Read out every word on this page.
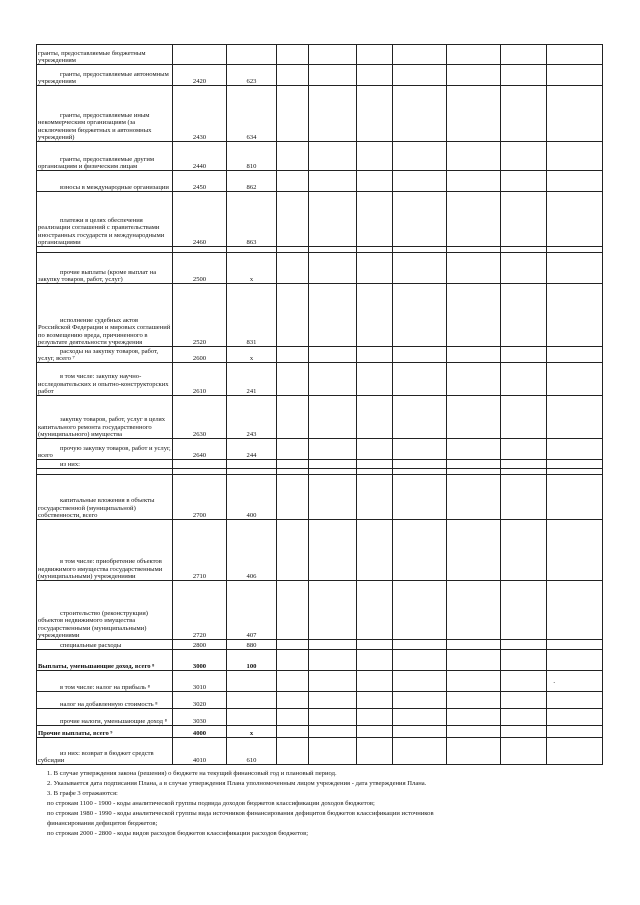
гранты, предоставляемые бюджетным учреждениям									
гранты, предоставляемые автономным учреждениям	2420	623							
гранты, предоставляемые иным некоммерческим организациям (за исключением бюджетных и автономных учреждений)	2430	634							
гранты, предоставляемые другим организациям и физическим лицам	2440	810							
взносы в международные организации	2450	862							
платежи в целях обеспечения реализации соглашений с правительствами иностранных государств и международными организациями	2460	863							

прочие выплаты (кроме выплат на закупку товаров, работ, услуг)	2500	x							
исполнение судебных актов Российской Федерации и мировых соглашений по возмещению вреда, причиненного в результате деятельности учреждения	2520	831							
расходы на закупку товаров, работ, услуг, всего ⁷	2600	x							
в том числе: закупку научно-исследовательских и опытно-конструкторских работ	2610	241							
закупку товаров, работ, услуг в целях капитального ремонта государственного (муниципального) имущества	2630	243							
прочую закупку товаров, работ и услуг, всего	2640	244							
из них:									

капитальные вложения в объекты государственной (муниципальной) собственности, всего	2700	400							
в том числе: приобретение объектов недвижимого имущества государственными (муниципальными) учреждениями	2710	406							
строительство (реконструкция) объектов недвижимого имущества государственными (муниципальными) учреждениями	2720	407							
специальные расходы	2800	880							
Выплаты, уменьшающие доход, всего ⁸	3000	100							
в том числе: налог на прибыль ⁸	3010								
налог на добавленную стоимость ⁸	3020								
прочие налоги, уменьшающие доход ⁸	3030								
Прочие выплаты, всего ⁹	4000	x							
из них: возврат в бюджет средств субсидии	4010	610							
·
1. В случае утверждения закона (решения) о бюджете на текущий финансовый год и плановый период.
2. Указывается дата подписания Плана, а в случае утверждения Плана уполномоченным лицом учреждения - дата утверждения Плана.
3. В графе 3 отражаются:
по строкам 1100 - 1900 - коды аналитической группы подвида доходов бюджетов классификации доходов бюджетов;
по строкам 1980 - 1990 - коды аналитической группы вида источников финансирования дефицитов бюджетов классификации источников
финансирования дефицитов бюджетов;
по строкам 2000 - 2800 - коды видов расходов бюджетов классификации расходов бюджетов;
